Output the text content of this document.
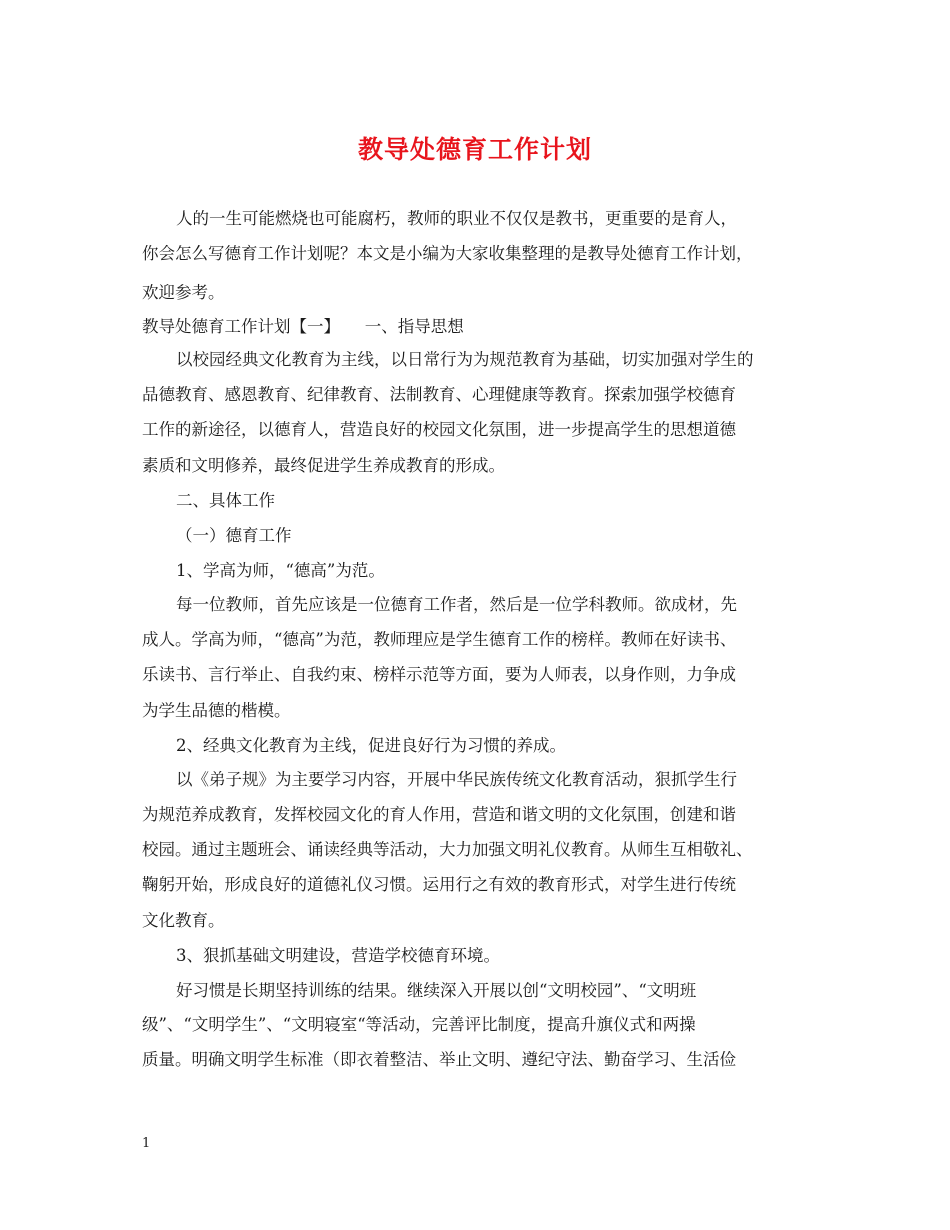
教导处德育工作计划

人的一生可能燃烧也可能腐朽，教师的职业不仅仅是教书，更重要的是育人，

你会怎么写德育工作计划呢？本文是小编为大家收集整理的是教导处德育工作计划，

欢迎参考。

教导处德育工作计划【一】　　一、指导思想

以校园经典文化教育为主线，以日常行为为规范教育为基础，切实加强对学生的

品德教育、感恩教育、纪律教育、法制教育、心理健康等教育。探索加强学校德育

工作的新途径，以德育人，营造良好的校园文化氛围，进一步提高学生的思想道德

素质和文明修养，最终促进学生养成教育的形成。

二、具体工作

（一）德育工作

1、学高为师，“德高”为范。

每一位教师，首先应该是一位德育工作者，然后是一位学科教师。欲成材，先

成人。学高为师，“德高”为范，教师理应是学生德育工作的榜样。教师在好读书、

乐读书、言行举止、自我约束、榜样示范等方面，要为人师表，以身作则，力争成

为学生品德的楷模。

2、经典文化教育为主线，促进良好行为习惯的养成。

以《弟子规》为主要学习内容，开展中华民族传统文化教育活动，狠抓学生行

为规范养成教育，发挥校园文化的育人作用，营造和谐文明的文化氛围，创建和谐

校园。通过主题班会、诵读经典等活动，大力加强文明礼仪教育。从师生互相敬礼、

鞠躬开始，形成良好的道德礼仪习惯。运用行之有效的教育形式，对学生进行传统

文化教育。

3、狠抓基础文明建设，营造学校德育环境。

好习惯是长期坚持训练的结果。继续深入开展以创“文明校园”、“文明班

级”、“文明学生”、“文明寝室“等活动，完善评比制度，提高升旗仪式和两操

质量。明确文明学生标准（即衣着整洁、举止文明、遵纪守法、勤奋学习、生活俭

1
